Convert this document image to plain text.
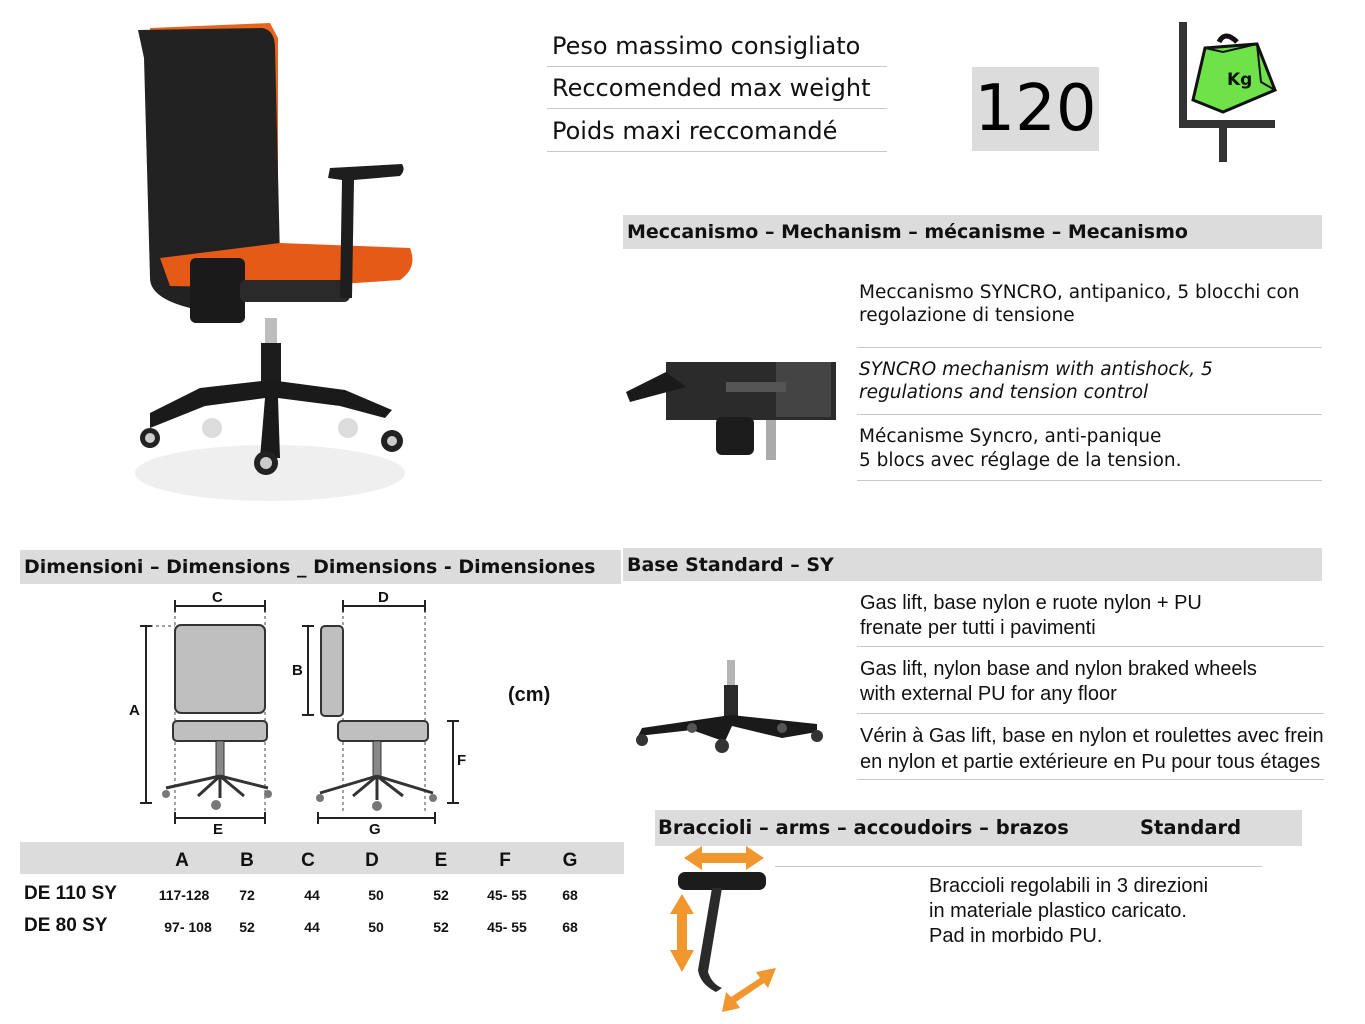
Peso massimo consigliato
Reccomended max weight
Poids maxi reccomandé 120	Kg
Meccanismo – Mechanism – mécanisme – Mecanismo
Meccanismo SYNCRO, antipanico, 5 blocchi con
regolazione di tensione
SYNCRO mechanism with antishock, 5
regulations and tension control
Mécanisme Syncro, anti-panique
5 blocs avec réglage de la tension.
Dimensioni – Dimensions _ Dimensions - Dimensiones
C	D
A
B
F
E	G
(cm)
A	B	C	D	E	F	G
DE 110 SY	117-128	72	44	50	52	45- 55	68
DE 80 SY	97- 108	52	44	50	52	45- 55	68
Base Standard – SY
Gas lift, base nylon e ruote nylon + PU
frenate per tutti i pavimenti
Gas lift, nylon base and nylon braked wheels
with external PU for any floor
Vérin à Gas lift, base en nylon et roulettes avec frein
en nylon et partie extérieure en Pu pour tous étages
Braccioli – arms – accoudoirs – brazos	Standard
Braccioli regolabili in 3 direzioni
in materiale plastico caricato.
Pad in morbido PU.
